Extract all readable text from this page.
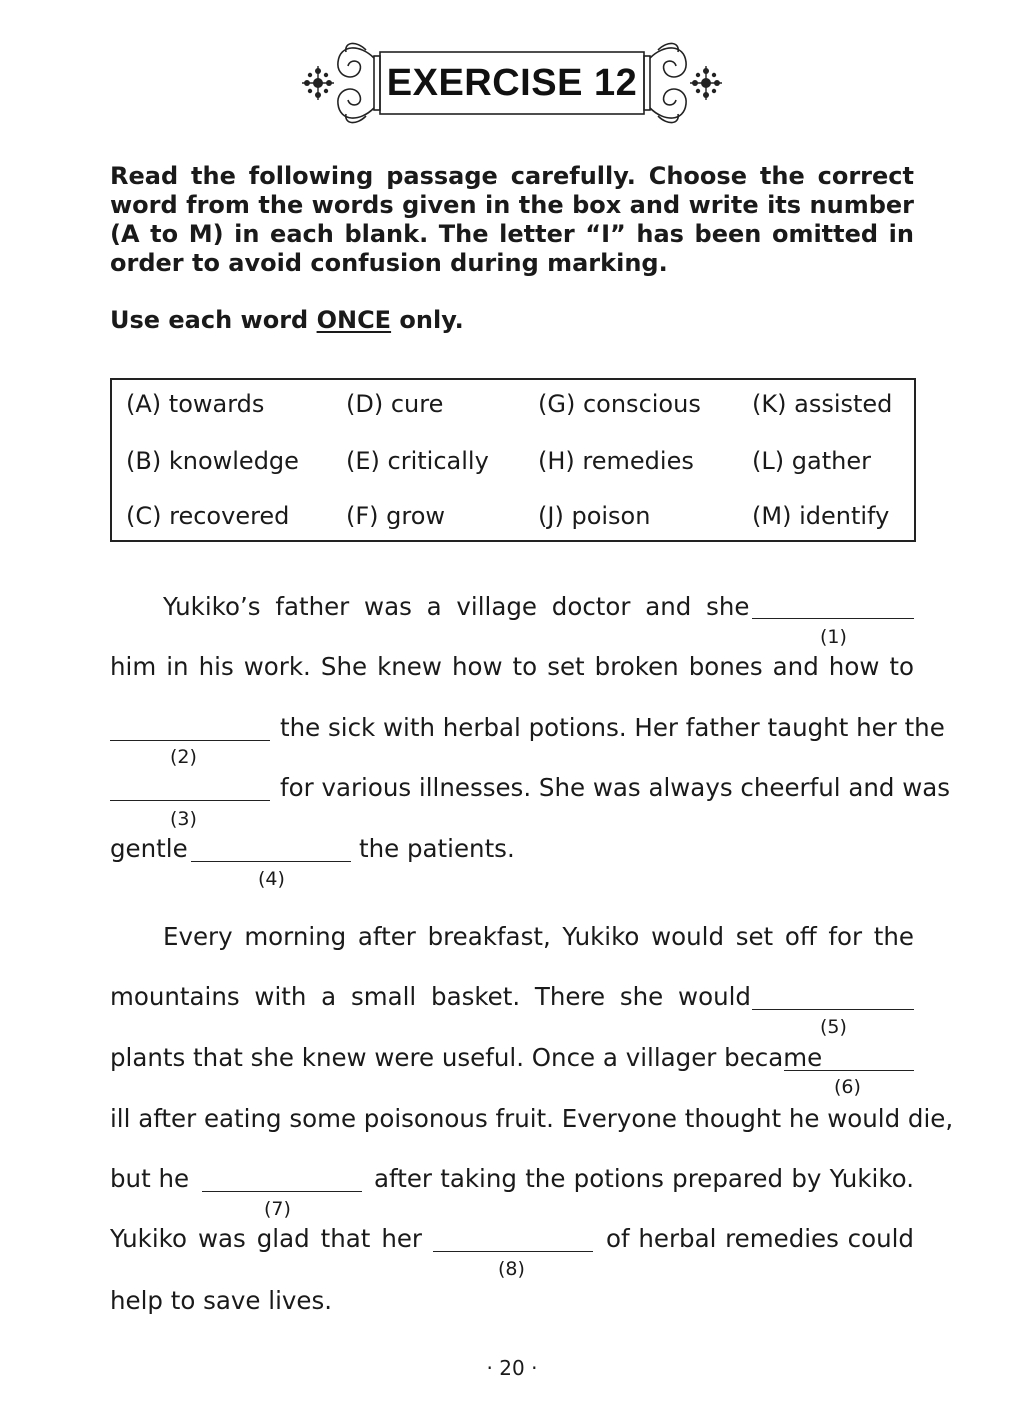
EXERCISE 12

Read the following passage carefully. Choose the correct word from the words given in the box and write its number (A to M) in each blank. The letter “I” has been omitted in order to avoid confusion during marking.

Use each word ONCE only.

(A) towards	(D) cure	(G) conscious (K) assisted
(B) knowledge (E) critically (H) remedies (L) gather
(C) recovered (F) grow	(J) poison	(M) identify
Yukiko’s father was a village doctor and she
(1)
him in his work. She knew how to set broken bones and how to
(2)
the sick with herbal potions. Her father taught her the
(3)
for various illnesses. She was always cheerful and was
gentle
(4)
the patients.
Every morning after breakfast, Yukiko would set off for the
mountains with a small basket. There she would
(5)
plants that she knew were useful. Once a villager became
(6)
ill after eating some poisonous fruit. Everyone thought he would die,
but he
(7)
after taking the potions prepared by Yukiko.
Yukiko was glad that her
(8)
of herbal remedies could
help to save lives.
· 20 ·
